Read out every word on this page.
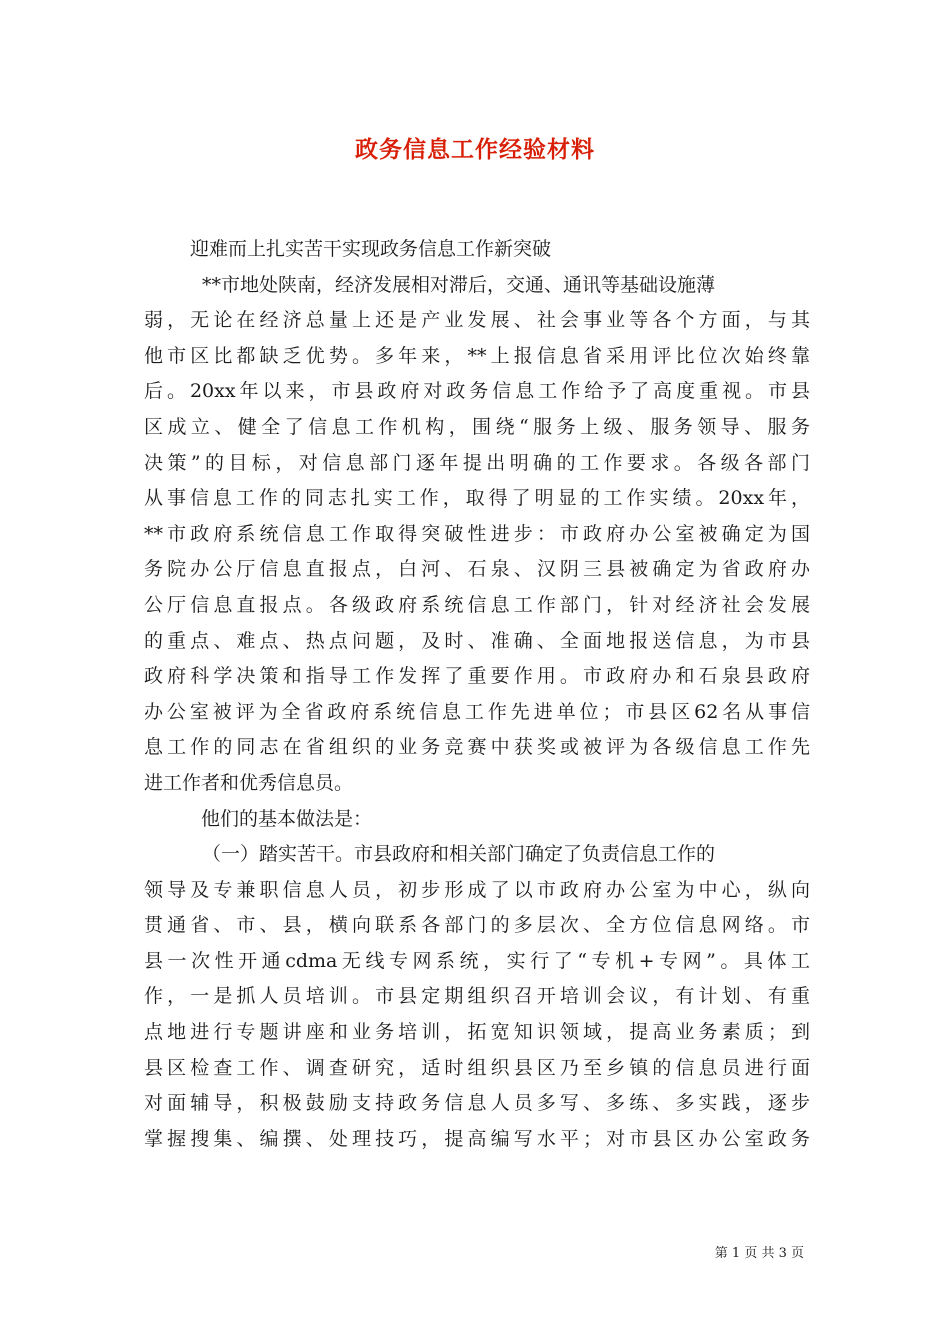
政务信息工作经验材料
迎难而上扎实苦干实现政务信息工作新突破
**市地处陕南，经济发展相对滞后，交通、通讯等基础设施薄
弱，无论在经济总量上还是产业发展、社会事业等各个方面，与其
他市区比都缺乏优势。多年来，**上报信息省采用评比位次始终靠
后。20xx年以来，市县政府对政务信息工作给予了高度重视。市县
区成立、健全了信息工作机构，围绕“服务上级、服务领导、服务
决策”的目标，对信息部门逐年提出明确的工作要求。各级各部门
从事信息工作的同志扎实工作，取得了明显的工作实绩。20xx年，
**市政府系统信息工作取得突破性进步：市政府办公室被确定为国
务院办公厅信息直报点，白河、石泉、汉阴三县被确定为省政府办
公厅信息直报点。各级政府系统信息工作部门，针对经济社会发展
的重点、难点、热点问题，及时、准确、全面地报送信息，为市县
政府科学决策和指导工作发挥了重要作用。市政府办和石泉县政府
办公室被评为全省政府系统信息工作先进单位；市县区62名从事信
息工作的同志在省组织的业务竞赛中获奖或被评为各级信息工作先
进工作者和优秀信息员。
他们的基本做法是：
（一）踏实苦干。市县政府和相关部门确定了负责信息工作的
领导及专兼职信息人员，初步形成了以市政府办公室为中心，纵向
贯通省、市、县，横向联系各部门的多层次、全方位信息网络。市
县一次性开通cdma无线专网系统，实行了“专机+专网”。具体工
作，一是抓人员培训。市县定期组织召开培训会议，有计划、有重
点地进行专题讲座和业务培训，拓宽知识领域，提高业务素质；到
县区检查工作、调查研究，适时组织县区乃至乡镇的信息员进行面
对面辅导，积极鼓励支持政务信息人员多写、多练、多实践，逐步
掌握搜集、编撰、处理技巧，提高编写水平；对市县区办公室政务
第 1 页 共 3 页
